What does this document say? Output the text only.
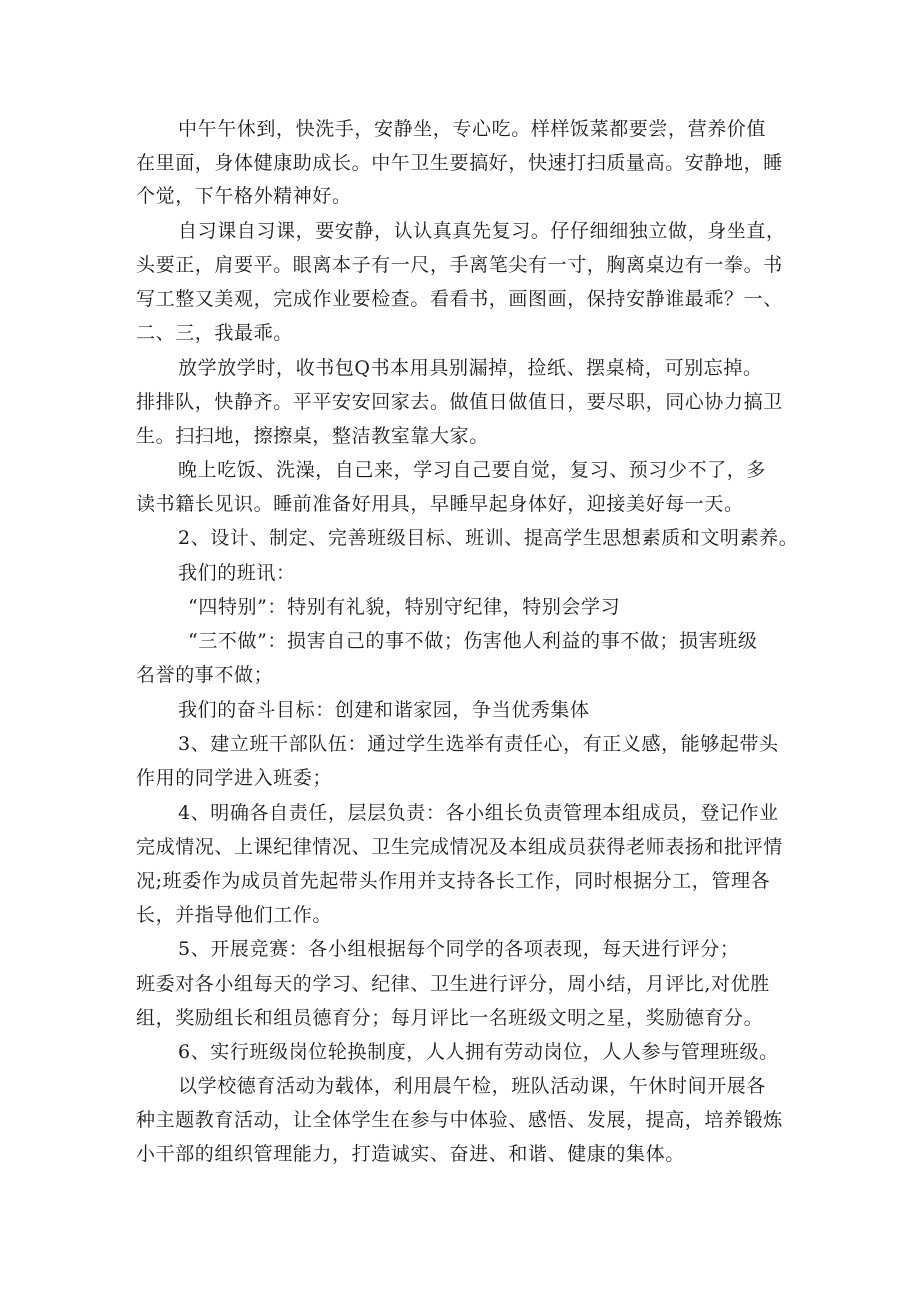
中午午休到，快洗手，安静坐，专心吃。样样饭菜都要尝，营养价值

在里面，身体健康助成长。中午卫生要搞好，快速打扫质量高。安静地，睡

个觉，下午格外精神好。

自习课自习课，要安静，认认真真先复习。仔仔细细独立做，身坐直，

头要正，肩要平。眼离本子有一尺，手离笔尖有一寸，胸离桌边有一拳。书

写工整又美观，完成作业要检查。看看书，画图画，保持安静谁最乖？一、

二、三，我最乖。

放学放学时，收书包Q书本用具别漏掉，捡纸、摆桌椅，可别忘掉。

排排队，快静齐。平平安安回家去。做值日做值日，要尽职，同心协力搞卫

生。扫扫地，擦擦桌，整洁教室靠大家。

晚上吃饭、洗澡，自己来，学习自己要自觉，复习、预习少不了，多

读书籍长见识。睡前准备好用具，早睡早起身体好，迎接美好每一天。

2、设计、制定、完善班级目标、班训、提高学生思想素质和文明素养。

我们的班讯：

“四特别”：特别有礼貌，特别守纪律，特别会学习

“三不做”：损害自己的事不做；伤害他人利益的事不做；损害班级

名誉的事不做；

我们的奋斗目标：创建和谐家园，争当优秀集体

3、建立班干部队伍：通过学生选举有责任心，有正义感，能够起带头

作用的同学进入班委；

4、明确各自责任，层层负责：各小组长负责管理本组成员，登记作业

完成情况、上课纪律情况、卫生完成情况及本组成员获得老师表扬和批评情

况;班委作为成员首先起带头作用并支持各长工作，同时根据分工，管理各

长，并指导他们工作。

5、开展竞赛：各小组根据每个同学的各项表现，每天进行评分；

班委对各小组每天的学习、纪律、卫生进行评分，周小结，月评比,对优胜

组，奖励组长和组员德育分；每月评比一名班级文明之星，奖励德育分。

6、实行班级岗位轮换制度，人人拥有劳动岗位，人人参与管理班级。

以学校德育活动为载体，利用晨午检，班队活动课，午休时间开展各

种主题教育活动，让全体学生在参与中体验、感悟、发展，提高，培养锻炼

小干部的组织管理能力，打造诚实、奋进、和谐、健康的集体。
